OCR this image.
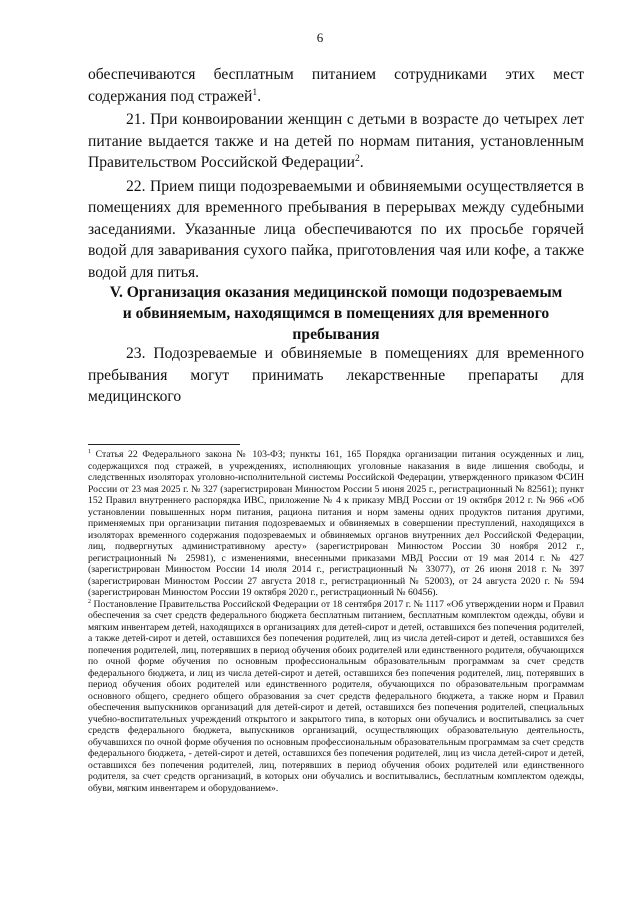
6

обеспечиваются бесплатным питанием сотрудниками этих мест содержания под стражей$^1$.

21. При конвоировании женщин с детьми в возрасте до четырех лет питание выдается также и на детей по нормам питания, установленным Правительством Российской Федерации$^2$.

22. Прием пищи подозреваемыми и обвиняемыми осуществляется в помещениях для временного пребывания в перерывах между судебными заседаниями. Указанные лица обеспечиваются по их просьбе горячей водой для заваривания сухого пайка, приготовления чая или кофе, а также водой для питья.

V. Организация оказания медицинской помощи подозреваемым
и обвиняемым, находящимся в помещениях для временного пребывания

23. Подозреваемые и обвиняемые в помещениях для временного пребывания могут принимать лекарственные препараты для медицинского

$^1$ Статья 22 Федерального закона № 103-ФЗ; пункты 161, 165 Порядка организации питания осужденных и лиц, содержащихся под стражей, в учреждениях, исполняющих уголовные наказания в виде лишения свободы, и следственных изоляторах уголовно-исполнительной системы Российской Федерации, утвержденного приказом ФСИН России от 23 мая 2025 г. № 327 (зарегистрирован Минюстом России 5 июня 2025 г., регистрационный № 82561); пункт 152 Правил внутреннего распорядка ИВС, приложение № 4 к приказу МВД России от 19 октября 2012 г. № 966 «Об установлении повышенных норм питания, рациона питания и норм замены одних продуктов питания другими, применяемых при организации питания подозреваемых и обвиняемых в совершении преступлений, находящихся в изоляторах временного содержания подозреваемых и обвиняемых органов внутренних дел Российской Федерации, лиц, подвергнутых административному аресту» (зарегистрирован Минюстом России 30 ноября 2012 г., регистрационный № 25981), с изменениями, внесенными приказами МВД России от 19 мая 2014 г. № 427 (зарегистрирован Минюстом России 14 июля 2014 г., регистрационный № 33077), от 26 июня 2018 г. № 397 (зарегистрирован Минюстом России 27 августа 2018 г., регистрационный № 52003), от 24 августа 2020 г. № 594 (зарегистрирован Минюстом России 19 октября 2020 г., регистрационный № 60456).

$^2$ Постановление Правительства Российской Федерации от 18 сентября 2017 г. № 1117 «Об утверждении норм и Правил обеспечения за счет средств федерального бюджета бесплатным питанием, бесплатным комплектом одежды, обуви и мягким инвентарем детей, находящихся в организациях для детей-сирот и детей, оставшихся без попечения родителей, а также детей-сирот и детей, оставшихся без попечения родителей, лиц из числа детей-сирот и детей, оставшихся без попечения родителей, лиц, потерявших в период обучения обоих родителей или единственного родителя, обучающихся по очной форме обучения по основным профессиональным образовательным программам за счет средств федерального бюджета, и лиц из числа детей-сирот и детей, оставшихся без попечения родителей, лиц, потерявших в период обучения обоих родителей или единственного родителя, обучающихся по образовательным программам основного общего, среднего общего образования за счет средств федерального бюджета, а также норм и Правил обеспечения выпускников организаций для детей-сирот и детей, оставшихся без попечения родителей, специальных учебно-воспитательных учреждений открытого и закрытого типа, в которых они обучались и воспитывались за счет средств федерального бюджета, выпускников организаций, осуществляющих образовательную деятельность, обучавшихся по очной форме обучения по основным профессиональным образовательным программам за счет средств федерального бюджета, - детей-сирот и детей, оставшихся без попечения родителей, лиц из числа детей-сирот и детей, оставшихся без попечения родителей, лиц, потерявших в период обучения обоих родителей или единственного родителя, за счет средств организаций, в которых они обучались и воспитывались, бесплатным комплектом одежды, обуви, мягким инвентарем и оборудованием».
